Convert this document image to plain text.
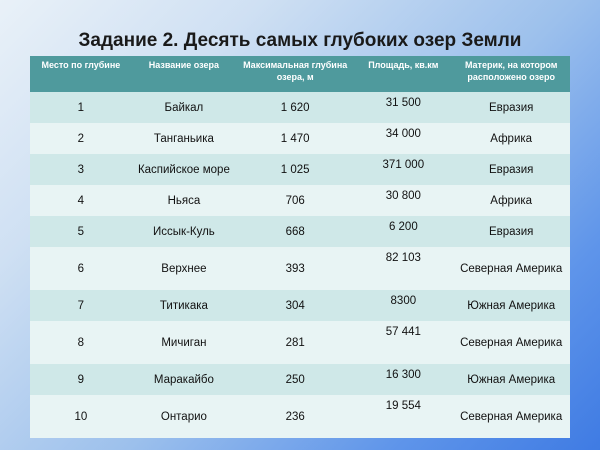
Задание 2. Десять самых глубоких озер Земли
Место по глубине	Название озера	Максимальная глубина озера, м	Площадь, кв.км	Материк, на котором расположено озеро
1	Байкал	1 620	31 500	Евразия
2	Танганьика	1 470	34 000	Африка
3	Каспийское море	1 025	371 000	Евразия
4	Ньяса	706	30 800	Африка
5	Иссык-Куль	668	6 200	Евразия
6	Верхнее	393	82 103	Северная Америка
7	Титикака	304	8300	Южная Америка
8	Мичиган	281	57 441	Северная Америка
9	Маракайбо	250	16 300	Южная Америка
10	Онтарио	236	19 554	Северная Америка
